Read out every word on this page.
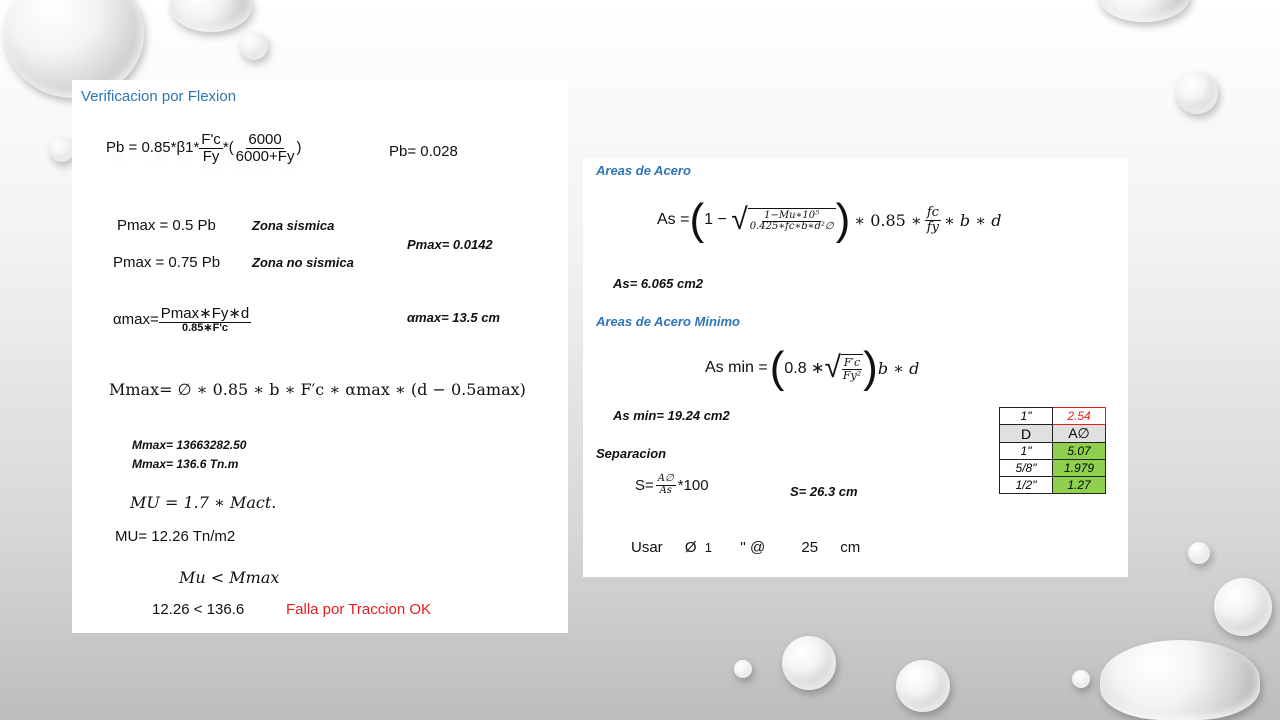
Verificacion por Flexion
$Pb = 0.85*\beta 1* \frac{F'c}{Fy}$ *( $\frac{6000}{6000+Fy}$ )	Pb= 0.028
Pmax = 0.5 Pb	Zona sismica
Pmax= 0.0142
Pmax = 0.75 Pb Zona no sismica
$\alpha\max= \frac{Pmax∗Fy∗d}{0.85∗F'c}$	αmax= 13.5 cm
Mmax= ∅ ∗ 0.85 ∗ b ∗ F′c ∗ αmax ∗ (d − 0.5amax)
Mmax= 13663282.50
Mmax= 136.6 Tn.m
MU = 1.7 ∗ Mact.
MU= 12.26 Tn/m2
Mu < Mmax
12.26 < 136.6	Falla por Traccion OK
Areas de Acero
As = ( 1 − √ $\frac{\text{1−Mu∗10⁵}}{\text{0.425∗fc∗b∗d²∅}}$ ) ∗ 0.85 ∗ $\frac{fc}{fy}$ ∗ b ∗ d
As= 6.065 cm2
Areas de Acero Minimo
As min = ( 0.8 ∗ √ $\frac{F'c}{\text{Fy²}}$ ) b ∗ d
As min= 19.24 cm2
Separacion
$S= \frac{A\emptyset}{As} *100$	S= 26.3 cm
Usar Ø 1 '' @ 25 cm
1"	2.54
D	A∅
1"	5.07
5/8"	1.979
1/2"	1.27
